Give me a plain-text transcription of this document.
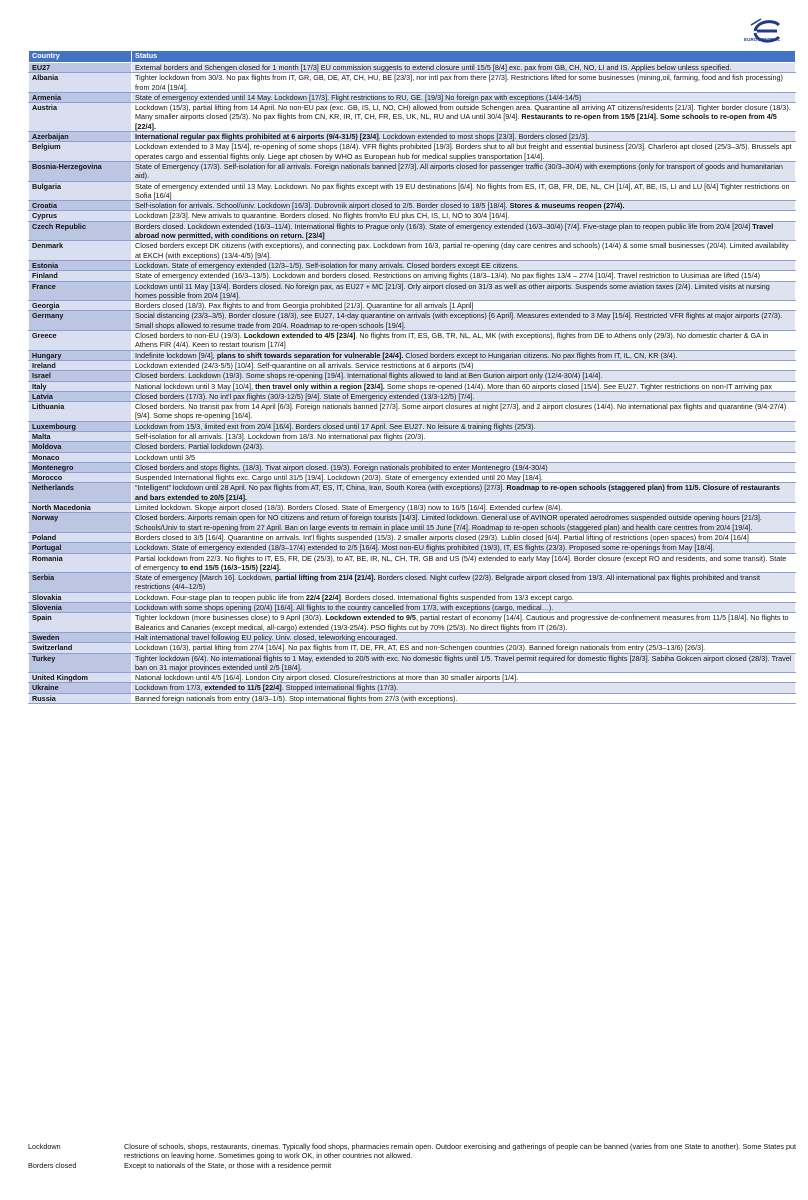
EUROCONTROL
Country	Status
EU27	External borders and Schengen closed for 1 month [17/3] EU commission suggests to extend closure until 15/5 [8/4] exc. pax from GB, CH, NO, LI and IS. Applies below unless specified.
Albania	Tighter lockdown from 30/3. No pax flights from IT, GR, GB, DE, AT, CH, HU, BE [23/3], nor intl pax from there [27/3]. Restrictions lifted for some businesses (mining,oil, farming, food and fish processing) from 20/4 [19/4].
Armenia	State of emergency extended until 14 May. Lockdown [17/3]. Flight restrictions to RU, GE. [19/3] No foreign pax with exceptions (14/4-14/5)
Austria	Lockdown (15/3), partial lifting from 14 April. No non-EU pax (exc. GB, IS, LI, NO, CH) allowed from outside Schengen area. Quarantine all arriving AT citizens/residents [21/3]. Tighter border closure (18/3). Many smaller airports closed (25/3). No pax flights from CN, KR, IR, IT, CH, FR, ES, UK, NL, RU and UA until 30/4 [9/4]. Restaurants to re-open from 15/5 [21/4]. Some schools to re-open from 4/5 [22/4].
Azerbaijan	International regular pax flights prohibited at 6 airports (9/4-31/5) [23/4]. Lockdown extended to most shops [23/3]. Borders closed [21/3].
Belgium	Lockdown extended to 3 May [15/4], re-opening of some shops (18/4). VFR flights prohibited [19/3]. Borders shut to all but freight and essential business [20/3]. Charleroi apt closed (25/3–3/5). Brussels apt operates cargo and essential flights only. Liege apt chosen by WHO as European hub for medical supplies transportation [14/4].
Bosnia-Herzegovina	State of Emergency (17/3). Self-isolation for all arrivals. Foreign nationals banned [27/3]. All airports closed for passenger traffic (30/3–30/4) with exemptions (only for transport of goods and humanitarian aid).
Bulgaria	State of emergency extended until 13 May. Lockdown. No pax flights except with 19 EU destinations [6/4]. No flights from ES, IT, GB, FR, DE, NL, CH [1/4], AT, BE, IS, LI and LU [6/4] Tighter restrictions on Sofia [16/4]
Croatia	Self-isolation for arrivals. School/univ. Lockdown [16/3]. Dubrovnik airport closed to 2/5. Border closed to 18/5 [18/4]. Stores & museums reopen (27/4).
Cyprus	Lockdown [23/3]. New arrivals to quarantine. Borders closed. No flights from/to EU plus CH, IS, LI, NO to 30/4 [16/4].
Czech Republic	Borders closed. Lockdown extended (16/3–11/4). International flights to Prague only (16/3). State of emergency extended (16/3–30/4) [7/4]. Five-stage plan to reopen public life from 20/4 [20/4] Travel abroad now permitted, with conditions on return. [23/4]
Denmark	Closed borders except DK citizens (with exceptions), and connecting pax. Lockdown from 16/3, partial re-opening (day care centres and schools) (14/4) & some small businesses (20/4). Limited availability at EKCH (with exceptions) (13/4-4/5) [9/4].
Estonia	Lockdown. State of emergency extended (12/3–1/5). Self-isolation for many arrivals. Closed borders except EE citizens.
Finland	State of emergency extended (16/3–13/5). Lockdown and borders closed. Restrictions on arriving flights (18/3–13/4). No pax flights 13/4 – 27/4 [10/4]. Travel restriction to Uusimaa are lifted (15/4)
France	Lockdown until 11 May [13/4]. Borders closed. No foreign pax, as EU27 + MC [21/3]. Orly airport closed on 31/3 as well as other airports. Suspends some aviation taxes (2/4). Limited visits at nursing homes possible from 20/4 [19/4].
Georgia	Borders closed (18/3). Pax flights to and from Georgia prohibited [21/3]. Quarantine for all arrivals [1 April]
Germany	Social distancing (23/3–3/5). Border closure (18/3), see EU27, 14-day quarantine on arrivals (with exceptions) [6 April]. Measures extended to 3 May [15/4]. Restricted VFR flights at major airports (27/3). Small shops allowed to resume trade from 20/4. Roadmap to re-open schools [19/4].
Greece	Closed borders to non-EU (19/3). Lockdown extended to 4/5 [23/4]. No flights from IT, ES, GB, TR, NL, AL, MK (with exceptions), flights from DE to Athens only (29/3). No domestic charter & GA in Athens FIR (4/4). Keen to restart tourism [17/4]
Hungary	Indefinite lockdown [9/4], plans to shift towards separation for vulnerable [24/4]. Closed borders except to Hungarian citizens. No pax flights from IT, IL, CN, KR (3/4).
Ireland	Lockdown extended (24/3-5/5) [10/4]. Self-quarantine on all arrivals. Service restrictions at 6 airports (5/4)
Israel	Closed borders. Lockdown (19/3). Some shops re-opening [19/4]. International flights allowed to land at Ben Gurion airport only (12/4-30/4) [14/4].
Italy	National lockdown until 3 May [10/4], then travel only within a region [23/4]. Some shops re-opened (14/4). More than 60 airports closed [15/4]. See EU27. Tighter restrictions on non-IT arriving pax
Latvia	Closed borders (17/3). No int'l pax flights (30/3-12/5) [9/4]. State of Emergency extended (13/3-12/5) [7/4].
Lithuania	Closed borders. No transit pax from 14 April [6/3]. Foreign nationals banned [27/3]. Some airport closures at night [27/3], and 2 airport closures (14/4). No international pax flights and quarantine (9/4-27/4) [9/4]. Some shops re-opening [16/4].
Luxembourg	Lockdown from 15/3, limited exit from 20/4 [16/4]. Borders closed until 17 April. See EU27. No leisure & training flights (25/3).
Malta	Self-isolation for all arrivals. [13/3]. Lockdown from 18/3. No international pax flights (20/3).
Moldova	Closed borders. Partial lockdown (24/3).
Monaco	Lockdown until 3/5
Montenegro	Closed borders and stops flights. (18/3). Tivat airport closed. (19/3). Foreign nationals prohibited to enter Montenegro (19/4-30/4)
Morocco	Suspended International flights exc. Cargo until 31/5 [19/4]. Lockdown (20/3). State of emergency extended until 20 May [18/4].
Netherlands	“Intelligent” lockdown until 28 April. No pax flights from AT, ES, IT, China, Iran, South Korea (with exceptions) [27/3]. Roadmap to re-open schools (staggered plan) from 11/5. Closure of restaurants and bars extended to 20/5 [21/4].
North Macedonia	Limited lockdown. Skopje airport closed (18/3). Borders Closed. State of Emergency (18/3) now to 16/5 [16/4]. Extended curfew (8/4).
Norway	Closed borders. Airports remain open for NO citizens and return of foreign tourists [14/3]. Limited lockdown. General use of AVINOR operated aerodromes suspended outside opening hours [21/3]. Schools/Univ to start re-opening from 27 April. Ban on large events to remain in place until 15 June [7/4]. Roadmap to re-open schools (staggered plan) and health care centres from 20/4 [19/4].
Poland	Borders closed to 3/5 [16/4]. Quarantine on arrivals. Int'l flights suspended (15/3). 2 smaller airports closed (29/3). Lublin closed [6/4]. Partial lifting of restrictions (open spaces) from 20/4 [16/4]
Portugal	Lockdown. State of emergency extended (18/3–17/4) extended to 2/5 [16/4]. Most non-EU flights prohibited (19/3), IT, ES flights (23/3). Proposed some re-openings from May [18/4].
Romania	Partial lockdown from 22/3. No flights to IT, ES, FR, DE (25/3), to AT, BE, IR, NL, CH, TR, GB and US (5/4) extended to early May [16/4]. Border closure (except RO and residents, and some transit). State of emergency to end 15/5 (16/3–15/5) [22/4].
Serbia	State of emergency [March 16]. Lockdown, partial lifting from 21/4 [21/4]. Borders closed. Night curfew (22/3). Belgrade airport closed from 19/3. All international pax flights prohibited and transit restrictions (4/4–12/5)
Slovakia	Lockdown. Four-stage plan to reopen public life from 22/4 [22/4]. Borders closed. International flights suspended from 13/3 except cargo.
Slovenia	Lockdown with some shops opening (20/4) [16/4]. All flights to the country cancelled from 17/3, with exceptions (cargo, medical…).
Spain	Tighter lockdown (more businesses close) to 9 April (30/3). Lockdown extended to 9/5, partial restart of economy [14/4]. Cautious and progressive de-confinement measures from 11/5 [18/4]. No flights to Balearics and Canaries (except medical, all-cargo) extended (19/3-25/4). PSO flights cut by 70% (25/3). No direct flights from IT (26/3).
Sweden	Halt international travel following EU policy. Univ. closed, teleworking encouraged.
Switzerland	Lockdown (16/3), partial lifting from 27/4 [16/4]. No pax flights from IT, DE, FR, AT, ES and non-Schengen countries (20/3). Banned foreign nationals from entry (25/3–13/6) [26/3].
Turkey	Tighter lockdown (6/4). No international flights to 1 May, extended to 20/5 with exc. No domestic flights until 1/5. Travel permit required for domestic flights [28/3]. Sabiha Gokcen airport closed (28/3). Travel ban on 31 major provinces extended until 2/5 [18/4].
United Kingdom	National lockdown until 4/5 [16/4]. London City airport closed. Closure/restrictions at more than 30 smaller airports [1/4].
Ukraine	Lockdown from 17/3, extended to 11/5 [22/4]. Stopped international flights (17/3).
Russia	Banned foreign nationals from entry (18/3–1/5). Stop international flights from 27/3 (with exceptions).
Lockdown	Closure of schools, shops, restaurants, cinemas. Typically food shops, pharmacies remain open. Outdoor exercising and gatherings of people can be banned (varies from one State to another). Some States put restrictions on leaving home. Sometimes going to work OK, in other countries not allowed.
Borders closed	Except to nationals of the State, or those with a residence permit
